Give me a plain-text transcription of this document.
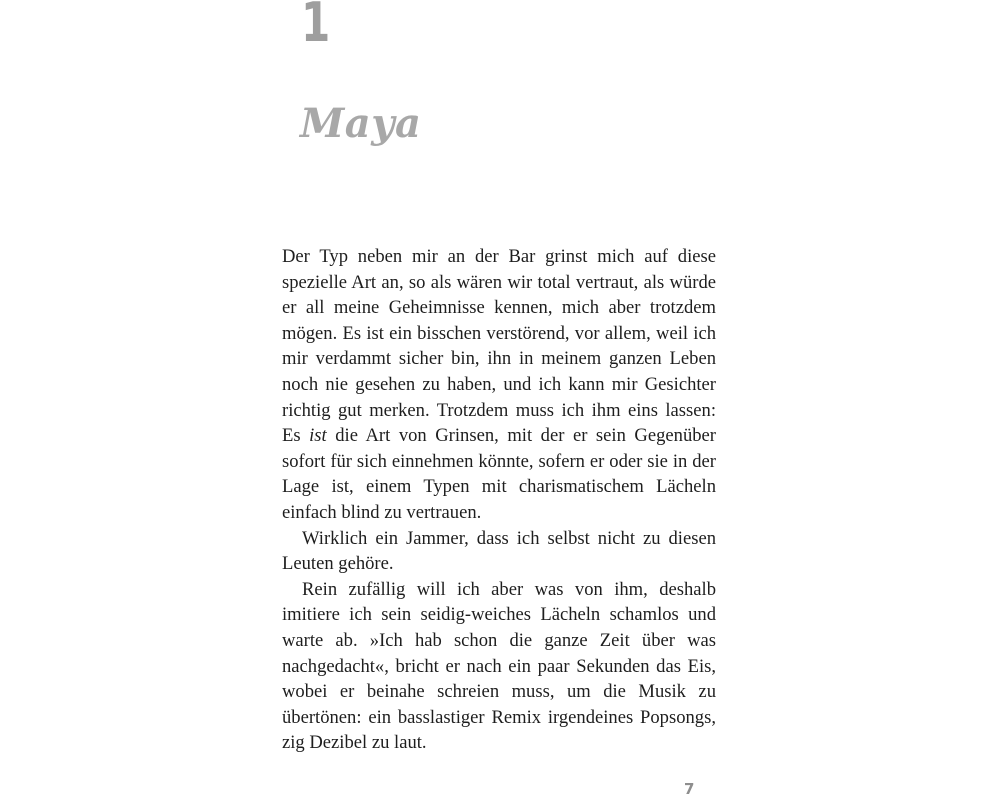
1
Maya

Der Typ neben mir an der Bar grinst mich auf diese spezielle Art an, so als wären wir total vertraut, als würde er all meine Geheimnisse kennen, mich aber trotzdem mögen. Es ist ein bisschen verstörend, vor allem, weil ich mir verdammt sicher bin, ihn in meinem ganzen Leben noch nie gesehen zu haben, und ich kann mir Gesichter richtig gut merken. Trotzdem muss ich ihm eins lassen: Es ist die Art von Grinsen, mit der er sein Gegenüber sofort für sich einnehmen könnte, sofern er oder sie in der Lage ist, einem Typen mit charismatischem Lächeln einfach blind zu vertrauen.

Wirklich ein Jammer, dass ich selbst nicht zu diesen Leuten gehöre.

Rein zufällig will ich aber was von ihm, deshalb imitiere ich sein seidig-weiches Lächeln schamlos und warte ab. »Ich hab schon die ganze Zeit über was nachgedacht«, bricht er nach ein paar Sekunden das Eis, wobei er beinahe schreien muss, um die Musik zu übertönen: ein basslastiger Remix irgendeines Popsongs, zig Dezibel zu laut.

7
